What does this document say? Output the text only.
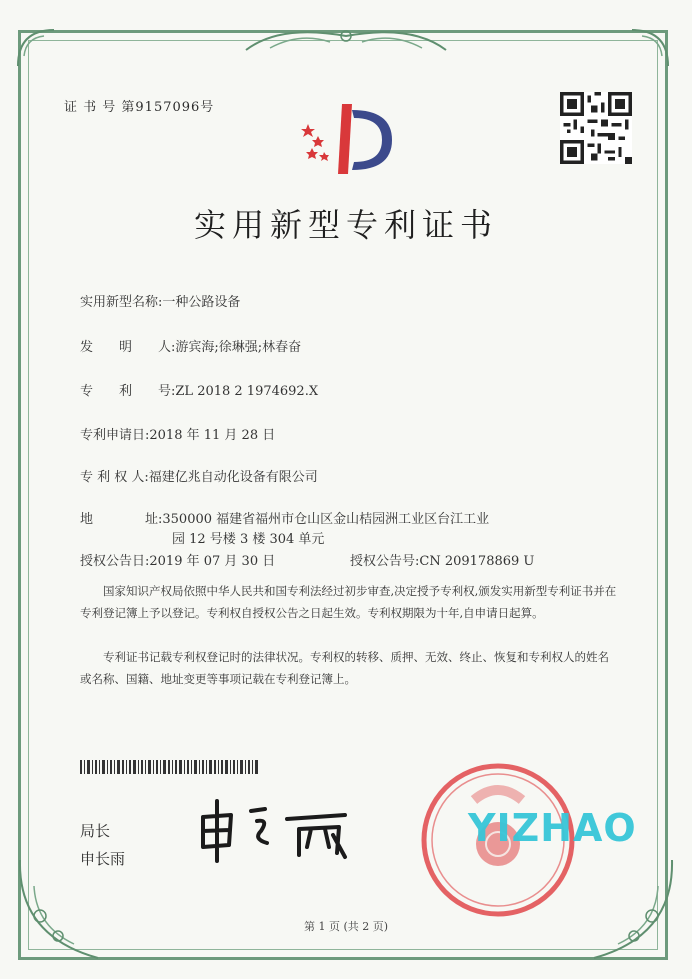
证 书 号 第9157096号
实用新型专利证书
实用新型名称:一种公路设备
发　　明　　人:游宾海;徐琳强;林春奋
专　　利　　号:ZL 2018 2 1974692.X
专利申请日:2018 年 11 月 28 日
专 利 权 人:福建亿兆自动化设备有限公司
地　　　　址:350000 福建省福州市仓山区金山桔园洲工业区台江工业
园 12 号楼 3 楼 304 单元
授权公告日:2019 年 07 月 30 日	授权公告号:CN 209178869 U
国家知识产权局依照中华人民共和国专利法经过初步审查,决定授予专利权,颁发实用新型专利证书并在专利登记簿上予以登记。专利权自授权公告之日起生效。专利权期限为十年,自申请日起算。
专利证书记载专利权登记时的法律状况。专利权的转移、质押、无效、终止、恢复和专利权人的姓名或名称、国籍、地址变更等事项记载在专利登记簿上。
局长
申长雨
YIZHAO
第 1 页 (共 2 页)
